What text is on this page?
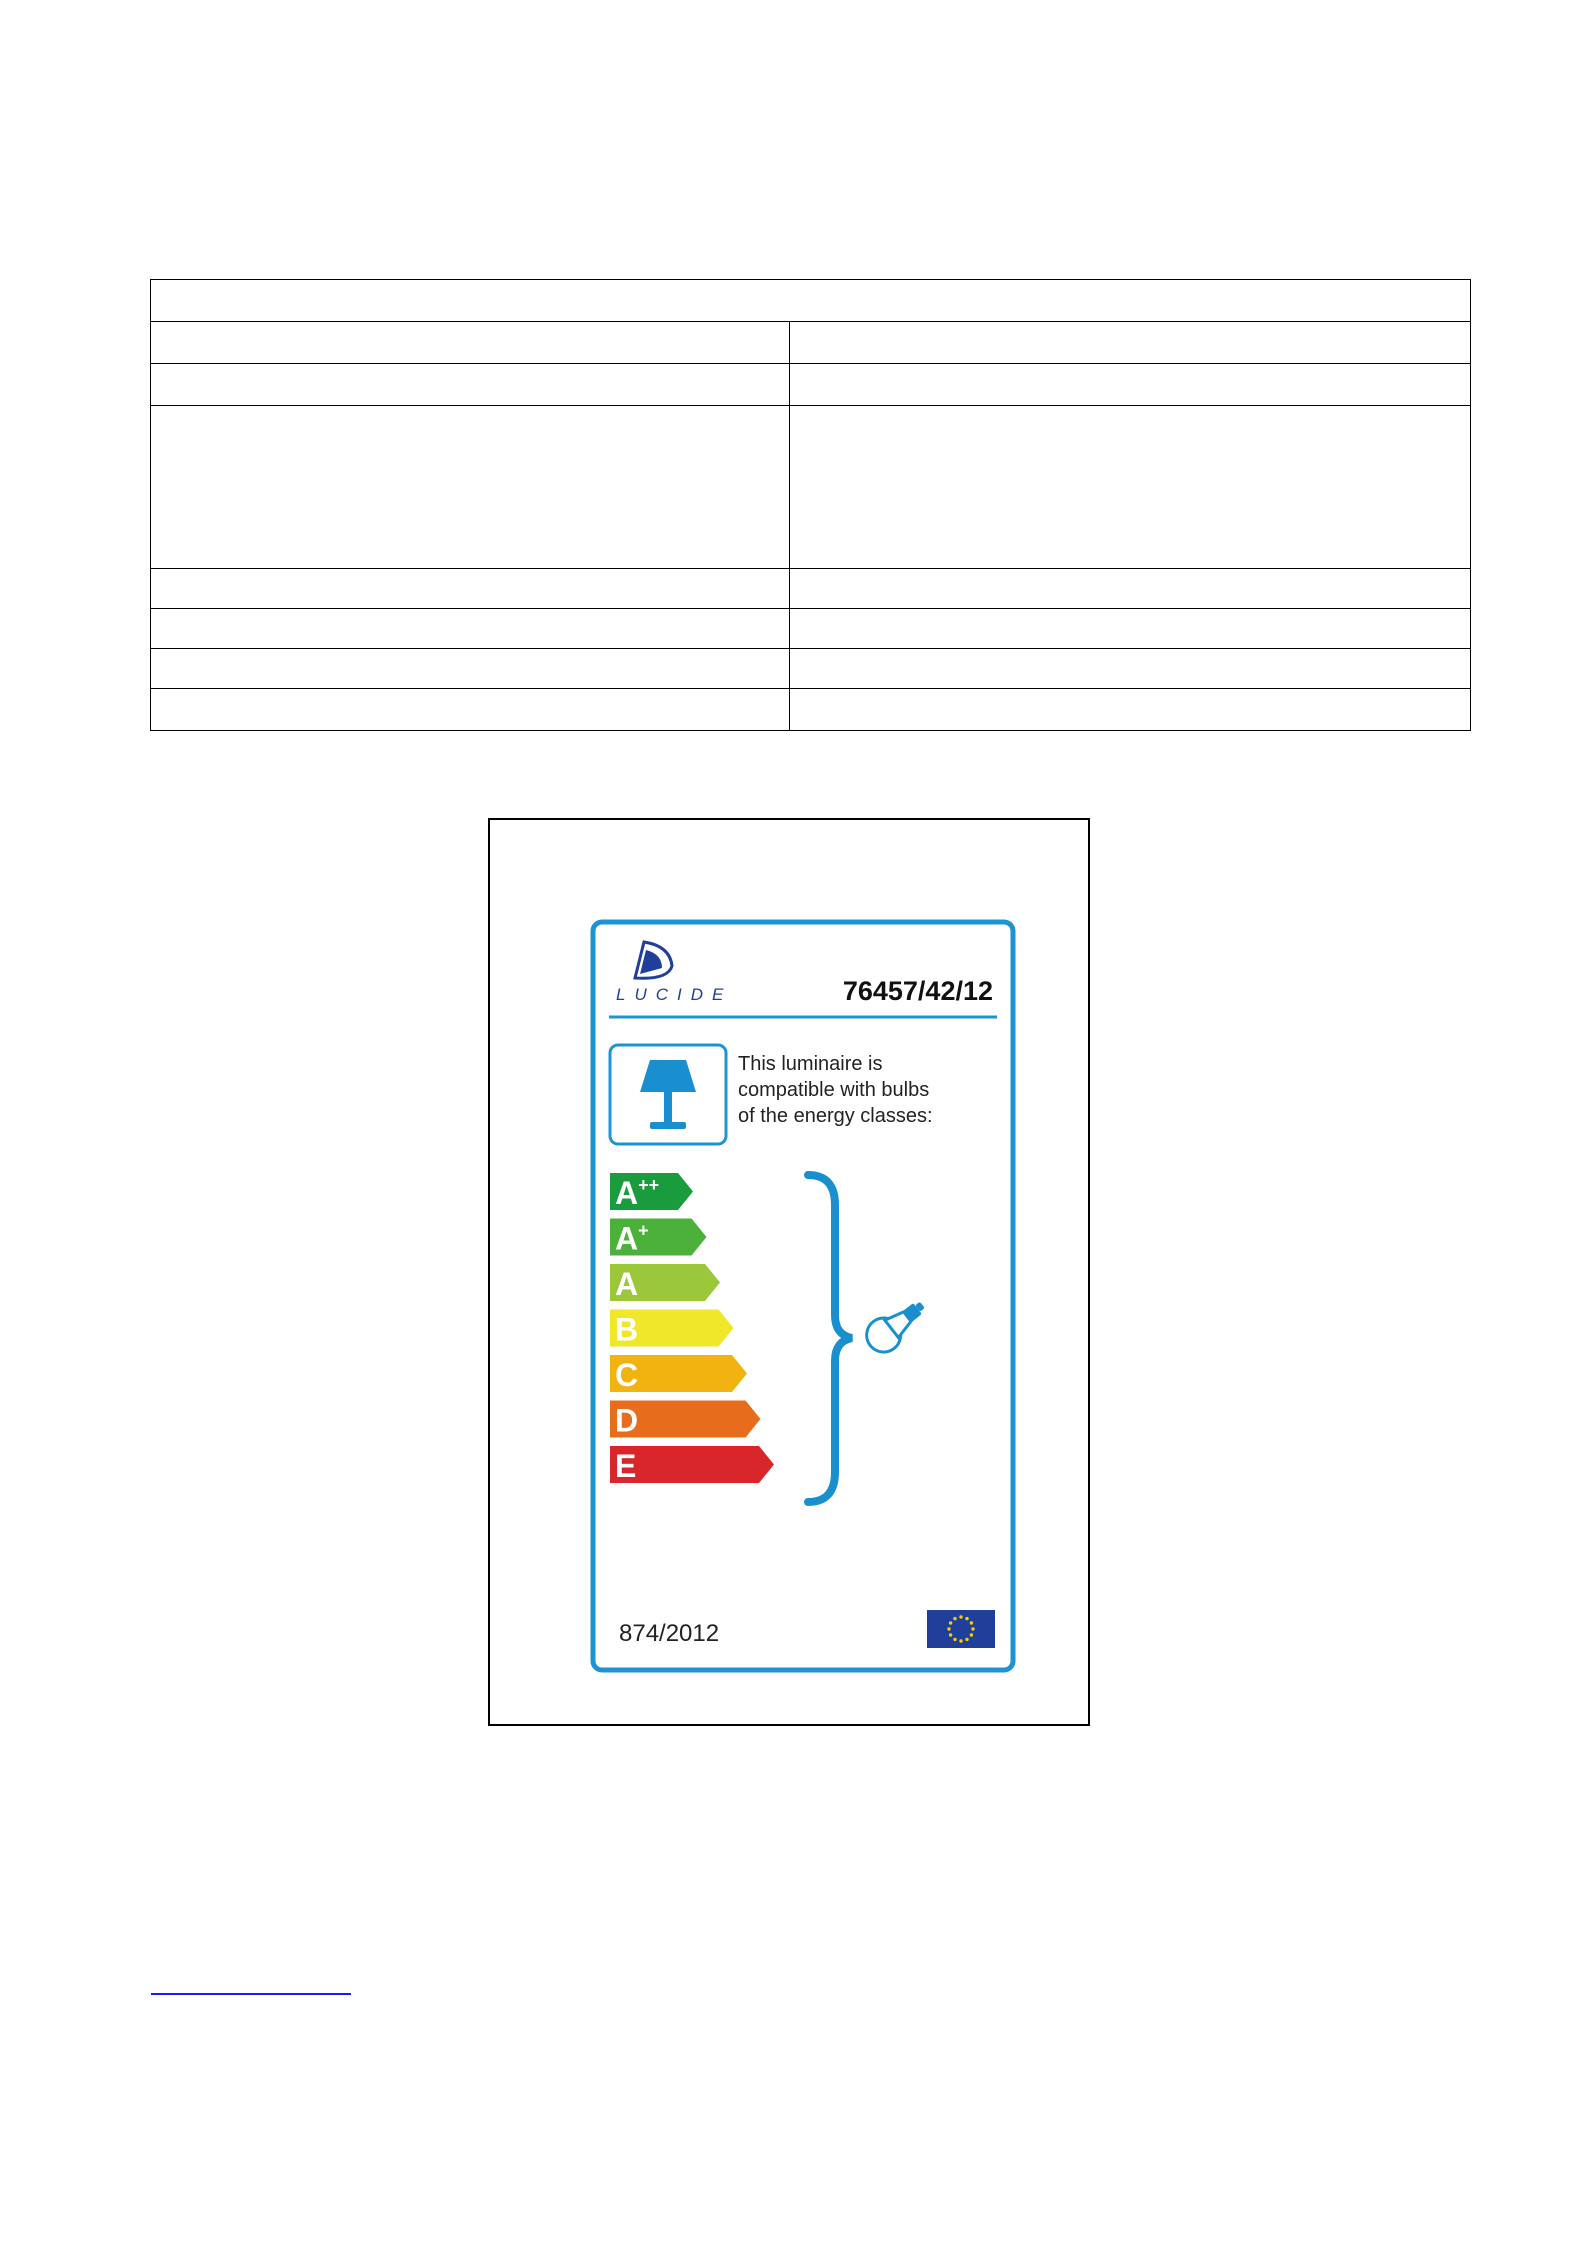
LUCIDE	76457/42/12
This luminaire is
compatible with bulbs
of the energy classes:
A++
A+
A
B
C
D
E
874/2012
